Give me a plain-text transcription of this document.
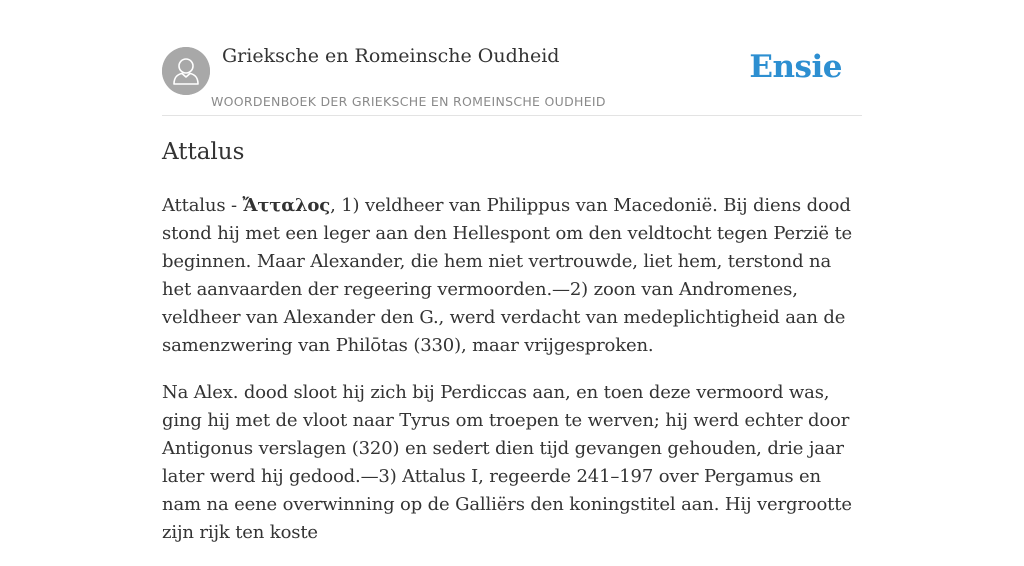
Grieksche en Romeinsche Oudheid
WOORDENBOEK DER GRIEKSCHE EN ROMEINSCHE OUDHEID
Ensie
Attalus

Attalus - Ἄτταλος, 1) veldheer van Philippus van Macedonië. Bij diens dood stond hij met een leger aan den Hellespont om den veldtocht tegen Perzië te beginnen. Maar Alexander, die hem niet vertrouwde, liet hem, terstond na het aanvaarden der regeering vermoorden.—2) zoon van Andromenes, veldheer van Alexander den G., werd verdacht van medeplichtigheid aan de samenzwering van Philōtas (330), maar vrijgesproken.

Na Alex. dood sloot hij zich bij Perdiccas aan, en toen deze vermoord was, ging hij met de vloot naar Tyrus om troepen te werven; hij werd echter door Antigonus verslagen (320) en sedert dien tijd gevangen gehouden, drie jaar later werd hij gedood.—3) Attalus I, regeerde 241–197 over Pergamus en nam na eene overwinning op de Galliërs den koningstitel aan. Hij vergrootte zijn rijk ten koste
